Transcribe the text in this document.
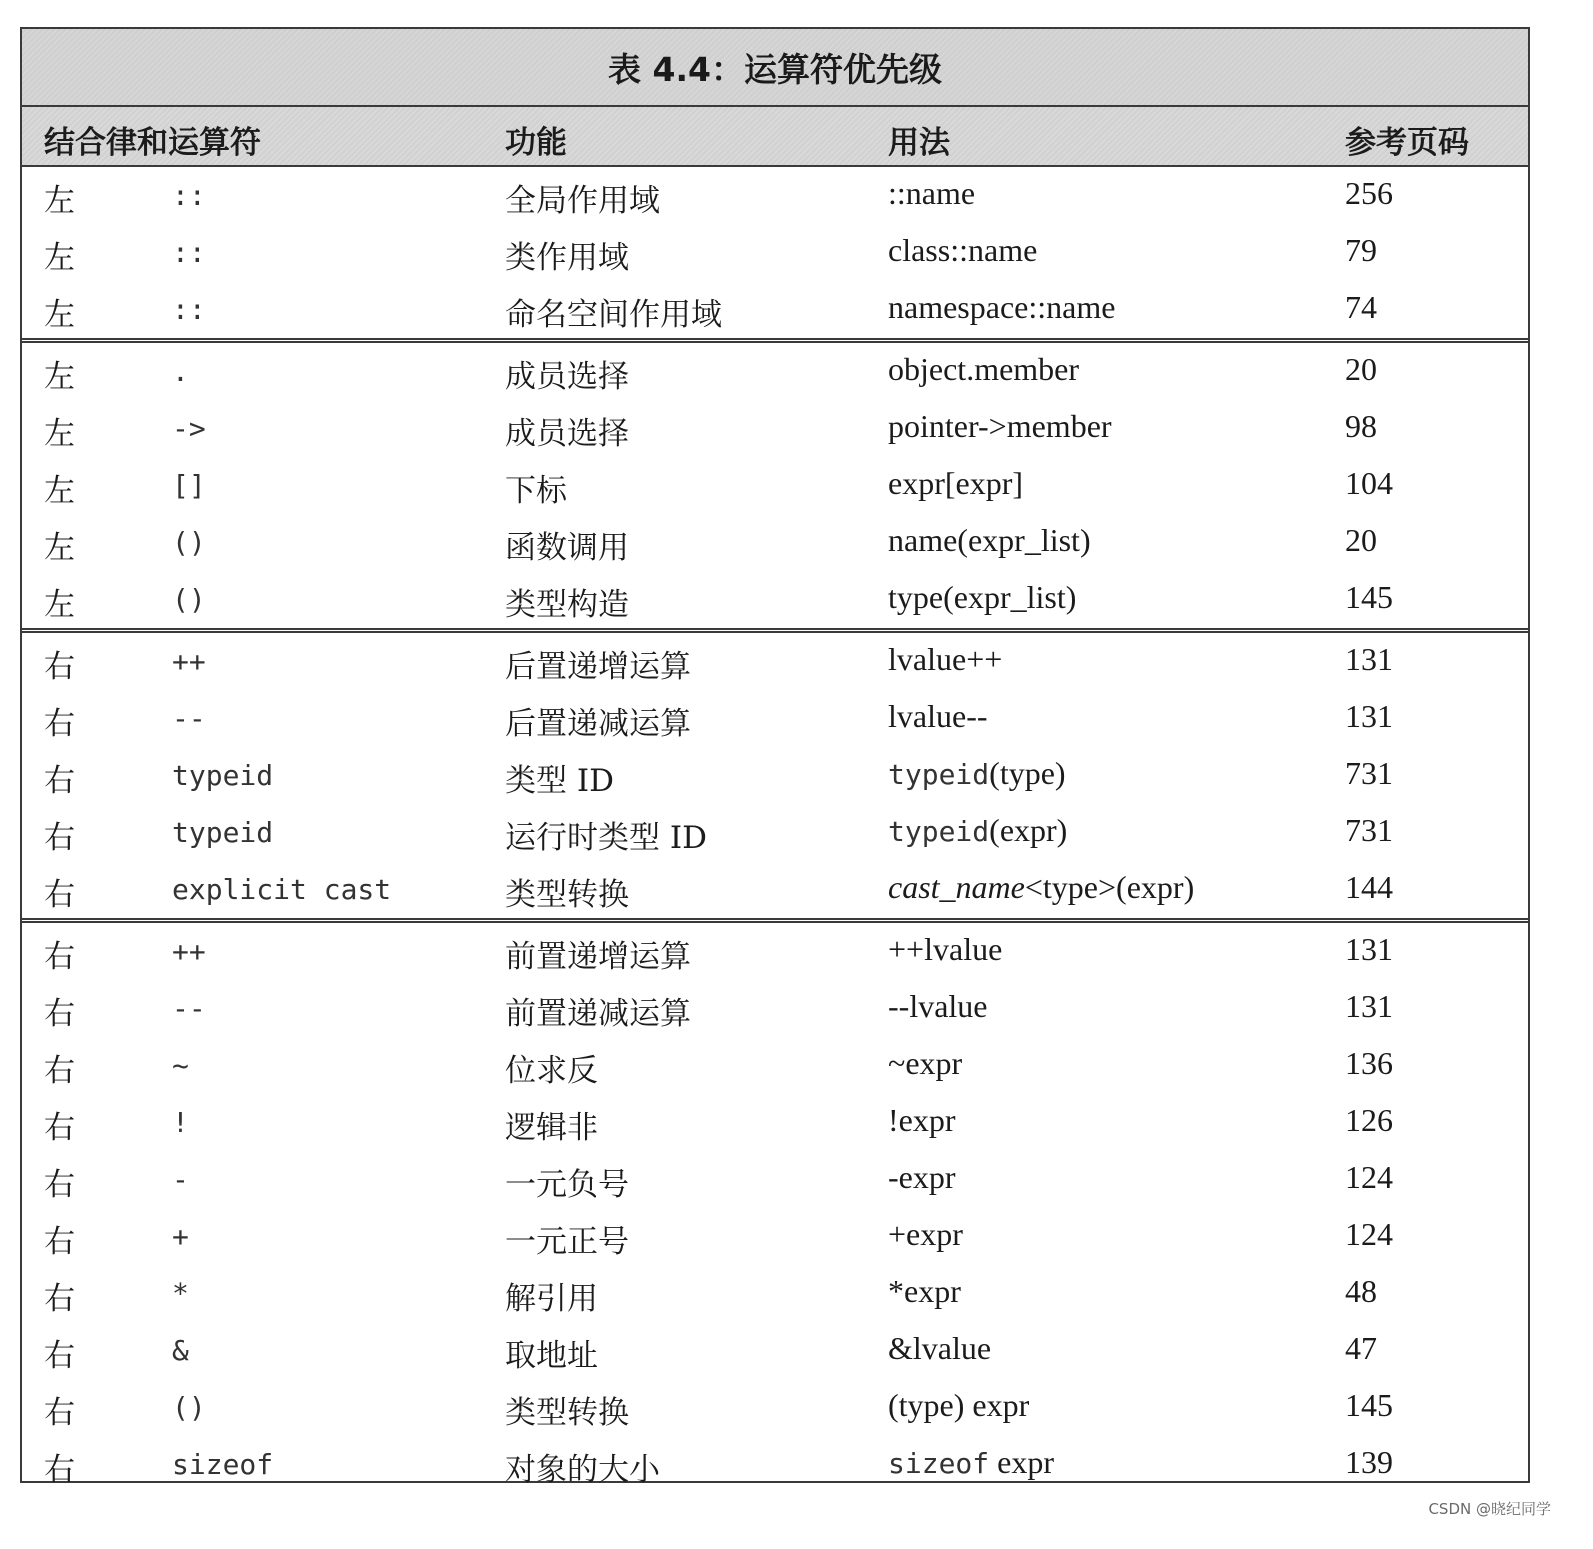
表 4.4：运算符优先级
结合律和运算符	功能	用法	参考页码
左	::	全局作用域	::name	256
左	::	类作用域	class::name	79
左	::	命名空间作用域	namespace::name	74
左	.	成员选择	object.member	20
左	->	成员选择	pointer->member	98
左	[]	下标	expr[expr]	104
左	()	函数调用	name(expr_list)	20
左	()	类型构造	type(expr_list)	145
右	++	后置递增运算	lvalue++	131
右	--	后置递减运算	lvalue--	131
右	typeid	类型 ID	typeid(type)	731
右	typeid	运行时类型 ID	typeid(expr)	731
右	explicit cast	类型转换	cast_name<type>(expr)	144
右	++	前置递增运算	++lvalue	131
右	--	前置递减运算	--lvalue	131
右	~	位求反	~expr	136
右	!	逻辑非	!expr	126
右	-	一元负号	-expr	124
右	+	一元正号	+expr	124
右	*	解引用	*expr	48
右	&	取地址	&lvalue	47
右	()	类型转换	(type) expr	145
右	sizeof	对象的大小	sizeof expr	139
CSDN @晓纪同学
